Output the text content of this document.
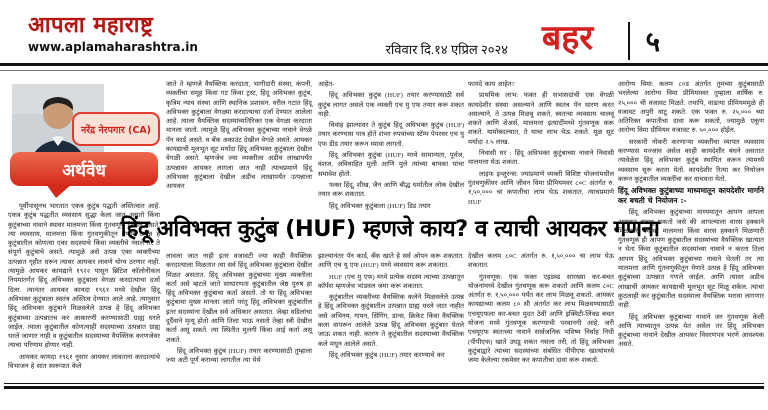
आपला महाराष्ट्र
www.aplamaharashtra.in	रविवार दि.१४ एप्रिल २०२४ बहर	५
नरेंद्र नेरपगार (CA)
अर्थवेध

पूर्वीपासूनच भारतात एकत्र कुटुंब पद्धती अस्तित्वात आहे. एकत्र कुटुंब पद्धतीत व्यवसाय सुद्धा केला जात असतो किंवा कुटुंबाच्या नावाने स्थावर मालमत्ता किंवा गुंतवणूक देखील असते. त्या व्यवसाय, मालमत्ता किंवा गुंतवणुकीतून येणारे उत्पन्न हे कुटुंबातील कोणत्या एका सदस्याचे किंवा व्यक्तीचे नसले तर ते संपूर्ण कुटुंबाचे असते. त्यामुळे असे उत्पन्न एका व्यक्तीच्या उत्पन्नात गृहीत धरून त्यावर आयकर लावणे योग्य ठरणार नाही. त्यामुळे आयकर कायद्याने १९२२ पासून ब्रिटिश कॉलोनीकल नियमांतर्गत हिंदू अविभक्त कुटुंबाला वेगळा करदात्याचा दर्जा दिला. त्यानंतर आयकर कायदा १९६१ मध्ये देखील हिंदू अविभक्त कुटुंबाला स्वतंत्र अस्तित्व देण्यात आले आहे. त्यानुसार हिंदू अविभक्त कुटुंबाने मिळवलेले उत्पन्न हे हिंदू अविभक्त कुटुंबाच्या उत्पन्नातच कर आकारणी करण्यासाठी ग्राह्य धरले जाईल. त्याला कुटुंबातील कोणत्याही सदस्याच्या उत्पन्नात ग्राह्य धरले जाणार नाही व कुटुंबातील सदस्याच्या वैयक्तिक करणजेवर त्याचा परिणाम होणार नाही.

आयकर कायदा १९६१ नुसार आयकर लावताना करदात्यांचे विभाजन हे सात स्वरूपात केले

हिंदू अविभक्त कुटुंब (HUF) म्हणजे काय? व त्याची आयकर गणना

जाते ते म्हणजे वैयक्तिक करदाता, भागीदारी संस्था, कंपनी, व्यक्तींचा समूह किंवा गट किंवा ट्रस्ट, हिंदू अविभक्त कुटुंब, कृत्रिम न्याय संस्था आणि स्थानिक प्रशासन. वरील गटात हिंदू अविभक्त कुटुंबाला वेगळ्या करदात्याचा दर्जा देण्यात आलेला आहे. त्याला वैयक्तिक सदस्यांव्यतिरिक्त एक वेगळा करदाता मानला जातो. त्यामुळे हिंदू अविभक्त कुटुंबाच्या नावाने वेगळे पॅन कार्ड असते. व बँक अकाउंट देखील वेगळे असते. आयकर कायद्याची मूलभूत सूट मर्यादा हिंदू अविभक्त कुटुंबाला देखील वेगळी असते. म्हणजेच ज्या व्यक्तीला अडीच लाखापर्यंत उत्पन्नावर आयकर लागला जात नाही त्याचप्रमाणे हिंदू अविभक्त कुटुंबाला देखील अडीच लाखापर्यंत उत्पन्नाला आयकर

लावला जात नाही इतर वजावटी ज्या काही वैयक्तिक करदात्याला मिळतात त्या सर्व हिंदू अविभक्त कुटुंबाला देखील मिळत असतात. हिंदू अविभक्त कुटुंबाच्या मुख्य व्यक्तीला कर्ता असे म्हटले जाते साधारणता कुटुंबातील जेष्ठ पुरुष हा हिंदू अविभक्त कुटुंबाचा कर्ता असतो. तो या हिंदू अविभक्त कुटुंबाचा मुख्य मानला जातो परंतु हिंदू अविभक्त कुटुंबातील इतर सदस्यांना देखील सर्व अधिकार असतात. जेव्हा वडिलांचा दुर्दैवाने मृत्यू होतो आणि तिला भाऊ नसतो तेव्हा स्त्री देखील कर्ता असू शकते. त्या स्थितीत मुलगी किंवा आई कर्ता असू शकते.

हिंदू अविभक्त कुटुंब (HUF) तयार करण्यासाठी तुम्हाला ज्या अटी पूर्ण कराव्या लागतील त्या येथे

आहेत-

हिंदू अविभक्त कुटुंब (HUF) तयार करण्यासाठी सर्व कुटुंब लागत असले एक व्यक्ती एच यु एफ तयार करू शकत नाही.

विवाह झाल्यावर ते कुटुंब हिंदू अविभक्त कुटुंब (HUF) तयार करण्यास पात्र होते शंभर रुपयांच्या स्टॅम्प पेपरवर एच यु एफ डीड तयार करून घ्यावा लागतो.

हिंदू अविभक्त कुटुंबा (HUF) मध्ये सामान्यता, पूर्वज, वंशज, अविवाहित मुली आणि मुले त्यांच्या बायका यांचा समावेश होतो.

फक्त हिंदू, शीख, जैन आणि बौद्ध धर्मातील लोक देखील तयार करू शकतात.

हिंदू अविभक्त कुटुंबाला (HUF) डिड तयार

झाल्यानंतर पॅन कार्ड, बँक खाते हे सर्व ओपन करू शकतात. आणि एच यु एफ (HUF) मध्ये व्यवसाय करू शकतात.

HUF (एच यु एफ) मध्ये प्रत्येक सदस्य त्याच्या उत्पन्नातून कॉर्पस म्हणजेच भांडवल जमा करू शकतात.

कुटुंबातील व्यक्तीच्या वैयक्तिक कलेने मिळवलेले उत्पन्न हे हिंदू अविभक्त कुटुंबातील उत्पन्नात ग्राह्य धरले जात नाहीत जसे अभिनय, गायन, सिंगिंग, डान्स, क्रिकेट किंवा वैयक्तिक कला वापरून आलेले उत्पन्न हिंदू अविभक्त कुटुंबात घेतले जाऊ शकत नाही. कारण ते कुटुंबातील सदस्याच्या वैयक्तिक कले मधून आलेले असते.

हिंदू अविभक्त कुटुंब (HUF) तयार करण्याचे कर

फायदे काय आहेत?

प्राथमिक लाभ: फक्त ही सभासदांची एक वेगळी कायदेशीर संस्था असल्याने आणि स्वतंत्र पॅन धारण करत असल्याने, ते उत्पन्न मिळवू शकते, स्वतःचा व्यवसाय चालवू शकते आणि शेअर्स, मालमत्ता इत्यादींमध्ये गुंतवणूक करू शकते. यामोबदल्यात, ते याचा लाभ घेऊ शकते. मूळ सूट मर्यादा २.५ लाख.

निवासी घर : हिंदू अविभक्त कुटुंबाच्या नावाने निवासी मालमत्ता घेऊ शकता.

लाइफ इन्शुरन्स: ज्याप्रमाणे व्यक्ती विशिष्ट योजनांमधील गुंतवणुकीवर आणि जीवन विमा प्रीमियमवर ८०C अंतर्गत रु. १,५०,००० चा कपातीचा लाभ घेऊ शकतात, त्याचप्रमाणे HUF

देखील कलम ८०C अंतर्गत रु. १,५०,००० चा लाभ घेऊ शकतात.

गुंतवणूक: एक फक्त एइडब्ड सारख्या कर-बचत योजनांमध्ये देखील गुंतवणूक करू शकतो आणि कलम ८०C अंतर्गत रु. १,५०,००० पर्यंत कर लाभ मिळवू शकतो. आयकर कायद्याच्या कलम ८० सी अंतर्गत कर लाभ मिळवण्यासाठी एचयूएफला कर-बचत मुदत ठेवी आणि इक्विटी-लिंक्ड बचत योजना मध्ये गुंतवणूक करण्याची परवानगी आहे. जरी एचयूएफ स्वतःच्या नावाने सार्वजनिक भविष्य निर्वाह निधी (पीपीएफ) खाते उघडू शकत नसला तरी, तो हिंदू अविभक्त कुटुंबाद्वारे त्याच्या सदस्यांच्या संबंधित पीपीएफ खात्यांमध्ये जमा केलेल्या रकमेवर कर कपातीचा दावा करू शकतो.

आरोग्य विमा: कलम ८०ड अंतर्गत तुमच्या कुटुंबासाठी भरलेल्या आरोग्य विमा प्रीमियमवर तुम्हाला वार्षिक रु. २५,००० ची वजावट मिळते. तथापि, वाढत्या प्रीमियममुळे ही वजावट अपुरी वाटू शकते. एक फक्त रु. २५,००० च्या अतिरिक्त कपातीचा दावा करू शकतो, ज्यामुळे एकूण आरोग्य विमा प्रीमियम वजावट रु. ५०,००० होईल.

सरकारी नोकरी करणाऱ्या व्यक्तींचा व्यापार व्यवसाय करण्यास मज्जाव असेल काही कायदेशीर बंधने असतात त्यावेळेस हिंदू अविभक्त कुटुंब स्थापित करून त्यामध्ये व्यवसाय सुरू करता येतो. कायदेशीर रित्या कर नियोजन करून कुटुंबातील व्यक्तींचा कर वाचवता येतो.

हिंदू अविभक्त कुटुंबाच्या माध्यमातून कायदेशीर मार्गाने कर बचती चे नियोजन :-

हिंदू अविभक्त कुटुंबाच्या माध्यमातून आपण आपला आयकर वाचवू शकतो जसे की आपल्याला वारस हक्काने मिळणारी स्थावर मालमत्ता किंवा वारस हक्काने मिळणारी गुंतवणूक ही आपण कुटुंबातील सदस्यांच्या वैयक्तिक खात्यात न घेता किंवा कुटुंबातील सदस्यांच्या नावाने न करता तिला आपण हिंदू अविभक्त कुटुंबाच्या नावाने घेतली तर त्या मालमत्ता आणि गुंतवणुकीतून येणारे उत्पन्न हे हिंदू अविभक्त कुटुंबाच्या उत्पन्नात गणले जाईल. आणि त्यावर अडीच लाखाची आयकर कायद्याची मूलभूत सूट मिळू शकेल. त्याचा कुठलाही कर कुटुंबातील सदस्याला वैयक्तिक भरावा लागणार नाही.

हिंदू अविभक्त कुटुंबाच्या नावाने जर गुंतवणूक केली आणि त्याच्यातून उत्पन्न येत असेल तर हिंदू अविभक्त कुटुंबाच्या नावाने देखील आयकर विवरणपत्र भरणे आवश्यक असते.
